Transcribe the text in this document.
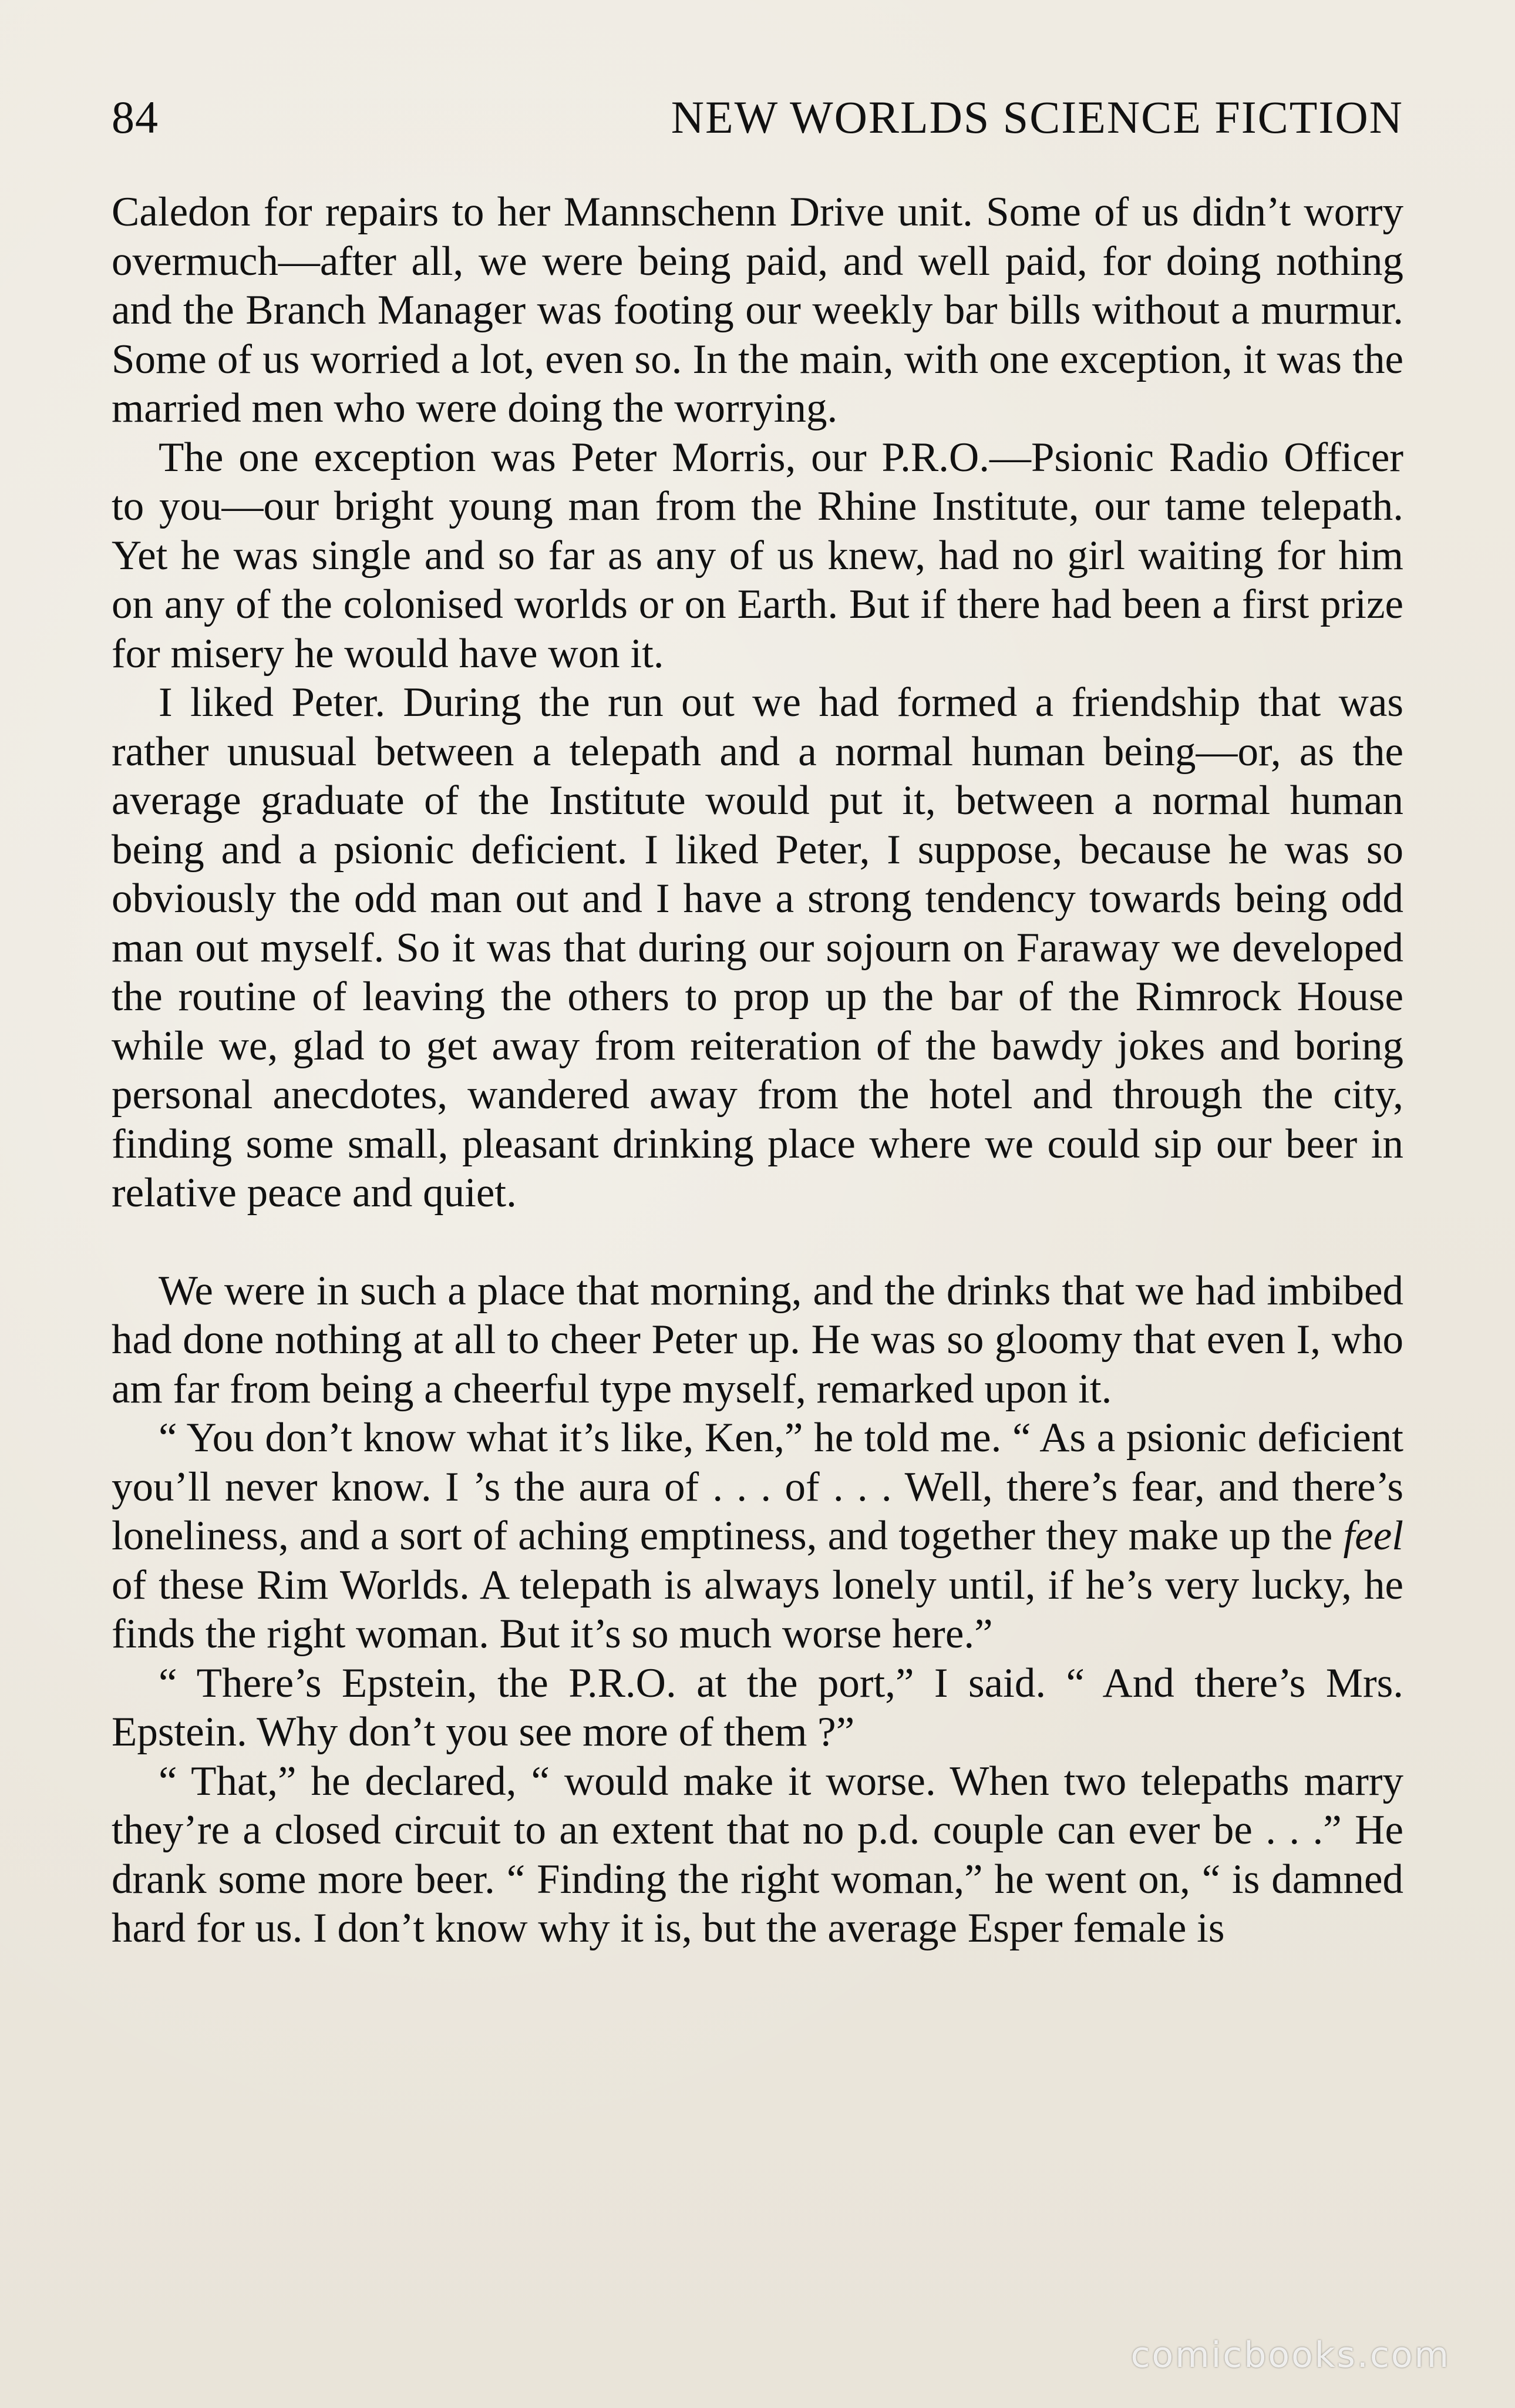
84	NEW WORLDS SCIENCE FICTION

Caledon for repairs to her Mannschenn Drive unit. Some of us didn’t worry overmuch—after all, we were being paid, and well paid, for doing nothing and the Branch Manager was footing our weekly bar bills without a murmur. Some of us worried a lot, even so. In the main, with one exception, it was the married men who were doing the worrying.

The one exception was Peter Morris, our P.R.O.—Psionic Radio Officer to you—our bright young man from the Rhine Institute, our tame telepath. Yet he was single and so far as any of us knew, had no girl waiting for him on any of the colonised worlds or on Earth. But if there had been a first prize for misery he would have won it.

I liked Peter. During the run out we had formed a friendship that was rather unusual between a telepath and a normal human being—or, as the average graduate of the Institute would put it, between a normal human being and a psionic deficient. I liked Peter, I suppose, because he was so obviously the odd man out and I have a strong tendency towards being odd man out myself. So it was that during our sojourn on Faraway we developed the routine of leaving the others to prop up the bar of the Rimrock House while we, glad to get away from reiteration of the bawdy jokes and boring personal anecdotes, wandered away from the hotel and through the city, finding some small, pleasant drinking place where we could sip our beer in relative peace and quiet.

We were in such a place that morning, and the drinks that we had imbibed had done nothing at all to cheer Peter up. He was so gloomy that even I, who am far from being a cheerful type myself, remarked upon it.

“ You don’t know what it’s like, Ken,” he told me. “ As a psionic deficient you’ll never know. I ’s the aura of . . . of . . . Well, there’s fear, and there’s loneliness, and a sort of aching emptiness, and together they make up the feel of these Rim Worlds. A telepath is always lonely until, if he’s very lucky, he finds the right woman. But it’s so much worse here.”

“ There’s Epstein, the P.R.O. at the port,” I said. “ And there’s Mrs. Epstein. Why don’t you see more of them ?”

“ That,” he declared, “ would make it worse. When two telepaths marry they’re a closed circuit to an extent that no p.d. couple can ever be . . .” He drank some more beer. “ Finding the right woman,” he went on, “ is damned hard for us. I don’t know why it is, but the average Esper female is

comicbooks.com
